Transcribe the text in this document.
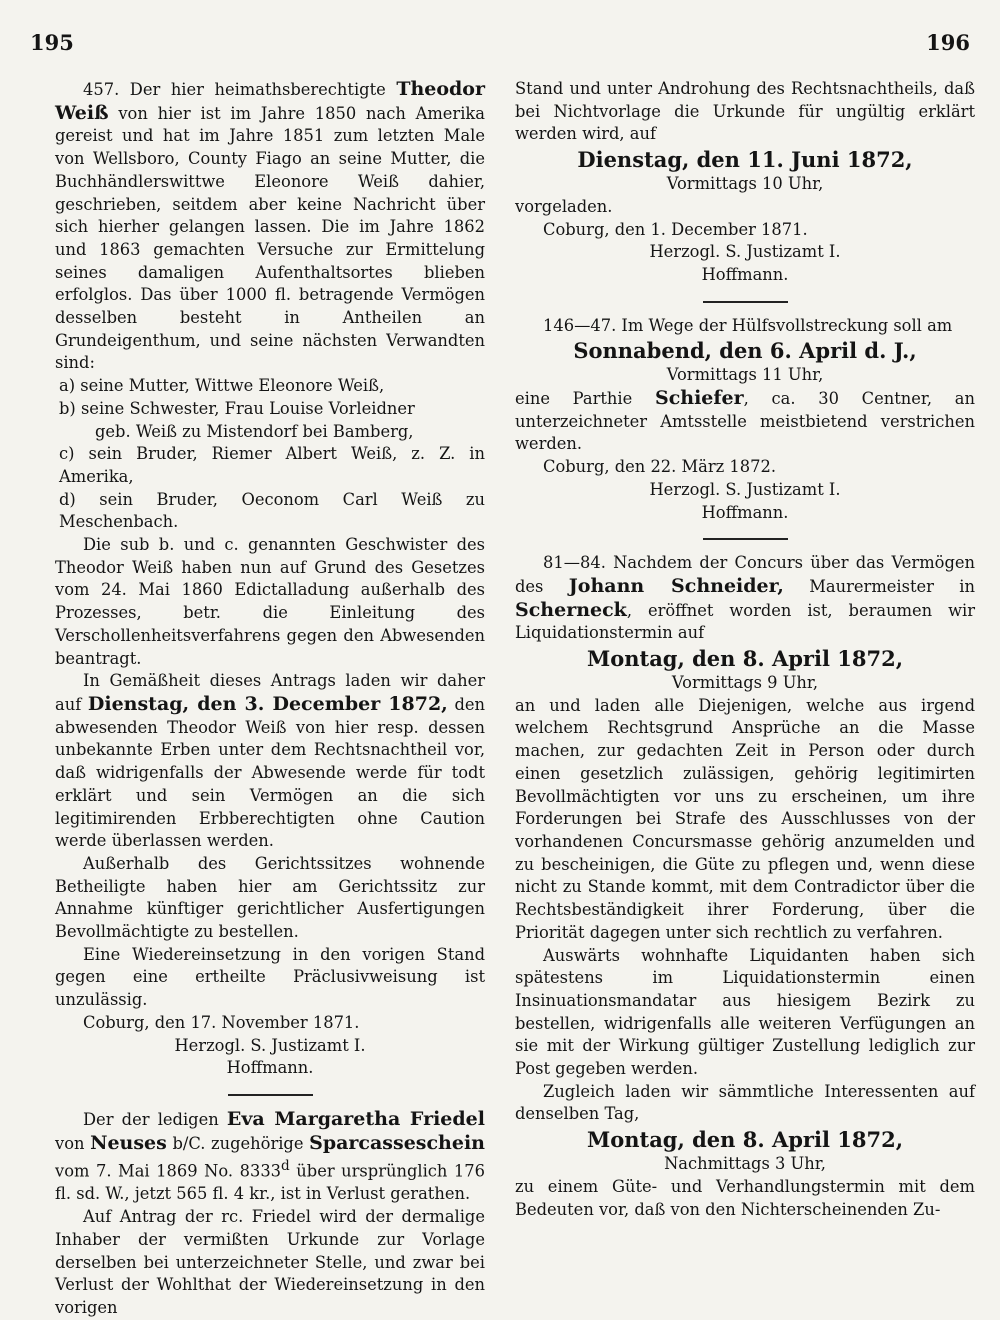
195	196

457. Der hier heimathsberechtigte Theodor Weiß von hier ist im Jahre 1850 nach Amerika gereist und hat im Jahre 1851 zum letzten Male von Wellsboro, County Fiago an seine Mutter, die Buchhändlerswittwe Eleonore Weiß dahier, geschrieben, seitdem aber keine Nachricht über sich hierher gelangen lassen. Die im Jahre 1862 und 1863 gemachten Versuche zur Ermittelung seines damaligen Aufenthaltsortes blieben erfolglos. Das über 1000 fl. betragende Vermögen desselben besteht in Antheilen an Grundeigenthum, und seine nächsten Verwandten sind:

a) seine Mutter, Wittwe Eleonore Weiß,

b) seine Schwester, Frau Louise Vorleidner

geb. Weiß zu Mistendorf bei Bamberg,

c) sein Bruder, Riemer Albert Weiß, z. Z. in Amerika,

d) sein Bruder, Oeconom Carl Weiß zu Meschenbach.

Die sub b. und c. genannten Geschwister des Theodor Weiß haben nun auf Grund des Gesetzes vom 24. Mai 1860 Edictalladung außerhalb des Prozesses, betr. die Einleitung des Verschollenheitsverfahrens gegen den Abwesenden beantragt.

In Gemäßheit dieses Antrags laden wir daher auf Dienstag, den 3. December 1872, den abwesenden Theodor Weiß von hier resp. dessen unbekannte Erben unter dem Rechtsnachtheil vor, daß widrigenfalls der Abwesende werde für todt erklärt und sein Vermögen an die sich legitimirenden Erbberechtigten ohne Caution werde überlassen werden.

Außerhalb des Gerichtssitzes wohnende Betheiligte haben hier am Gerichtssitz zur Annahme künftiger gerichtlicher Ausfertigungen Bevollmächtigte zu bestellen.

Eine Wiedereinsetzung in den vorigen Stand gegen eine ertheilte Präclusivweisung ist unzulässig.

Coburg, den 17. November 1871.

Herzogl. S. Justizamt I.

Hoffmann.

Der der ledigen Eva Margaretha Friedel von Neuses b/C. zugehörige Sparcasseschein vom 7. Mai 1869 No. 8333$^d$ über ursprünglich 176 fl. sd. W., jetzt 565 fl. 4 kr., ist in Verlust gerathen.

Auf Antrag der rc. Friedel wird der dermalige Inhaber der vermißten Urkunde zur Vorlage derselben bei unterzeichneter Stelle, und zwar bei Verlust der Wohlthat der Wiedereinsetzung in den vorigen

Stand und unter Androhung des Rechtsnachtheils, daß bei Nichtvorlage die Urkunde für ungültig erklärt werden wird, auf

Dienstag, den 11. Juni 1872,

Vormittags 10 Uhr,

vorgeladen.

Coburg, den 1. December 1871.

Herzogl. S. Justizamt I.

Hoffmann.

146—47. Im Wege der Hülfsvollstreckung soll am

Sonnabend, den 6. April d. J.,

Vormittags 11 Uhr,

eine Parthie Schiefer, ca. 30 Centner, an unterzeichneter Amtsstelle meistbietend verstrichen werden.

Coburg, den 22. März 1872.

Herzogl. S. Justizamt I.

Hoffmann.

81—84. Nachdem der Concurs über das Vermögen des Johann Schneider, Maurermeister in Scherneck, eröffnet worden ist, beraumen wir Liquidationstermin auf

Montag, den 8. April 1872,

Vormittags 9 Uhr,

an und laden alle Diejenigen, welche aus irgend welchem Rechtsgrund Ansprüche an die Masse machen, zur gedachten Zeit in Person oder durch einen gesetzlich zulässigen, gehörig legitimirten Bevollmächtigten vor uns zu erscheinen, um ihre Forderungen bei Strafe des Ausschlusses von der vorhandenen Concursmasse gehörig anzumelden und zu bescheinigen, die Güte zu pflegen und, wenn diese nicht zu Stande kommt, mit dem Contradictor über die Rechtsbeständigkeit ihrer Forderung, über die Priorität dagegen unter sich rechtlich zu verfahren.

Auswärts wohnhafte Liquidanten haben sich spätestens im Liquidationstermin einen Insinuationsmandatar aus hiesigem Bezirk zu bestellen, widrigenfalls alle weiteren Verfügungen an sie mit der Wirkung gültiger Zustellung lediglich zur Post gegeben werden.

Zugleich laden wir sämmtliche Interessenten auf denselben Tag,

Montag, den 8. April 1872,

Nachmittags 3 Uhr,

zu einem Güte- und Verhandlungstermin mit dem Bedeuten vor, daß von den Nichterscheinenden Zu-
